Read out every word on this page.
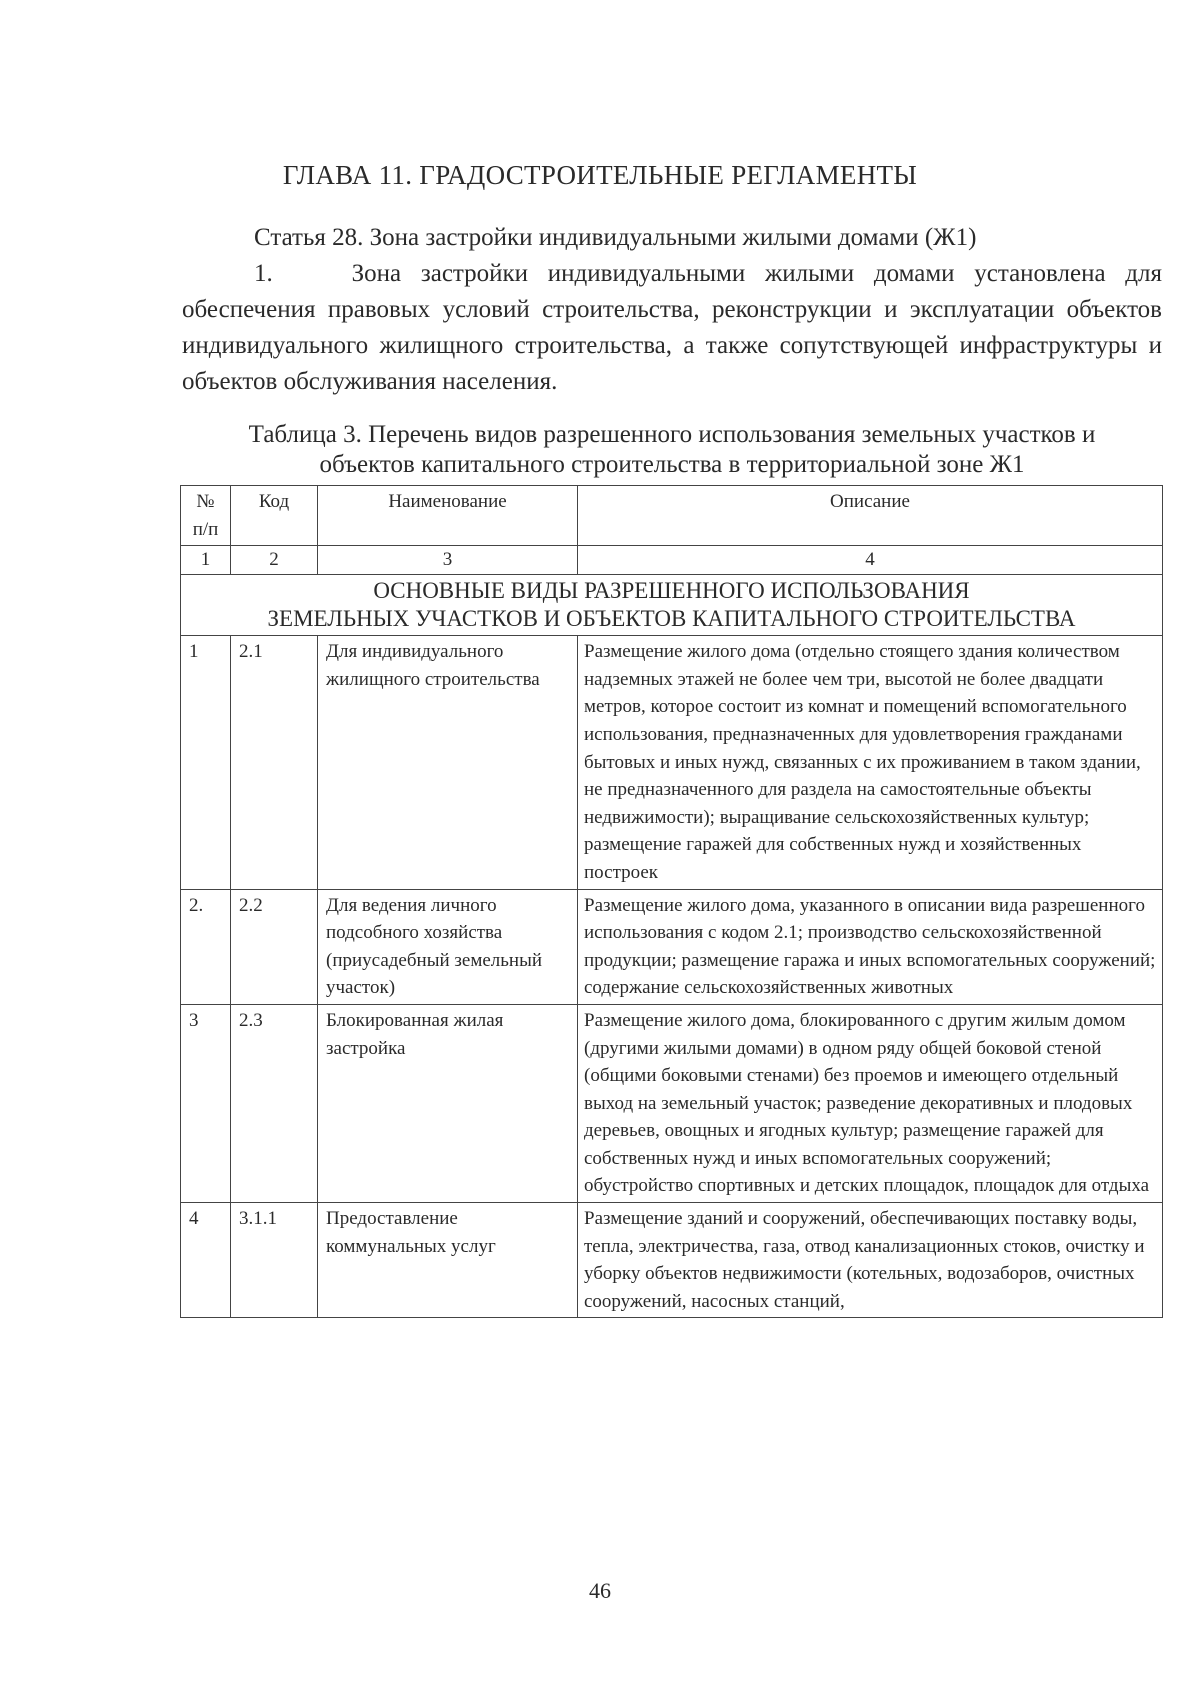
ГЛАВА 11. ГРАДОСТРОИТЕЛЬНЫЕ РЕГЛАМЕНТЫ
Статья 28. Зона застройки индивидуальными жилыми домами (Ж1)
1.    Зона застройки индивидуальными жилыми домами установлена для обеспечения правовых условий строительства, реконструкции и эксплуатации объектов индивидуального жилищного строительства, а также сопутствующей инфраструктуры и объектов обслуживания населения.
Таблица 3. Перечень видов разрешенного использования земельных участков и
объектов капитального строительства в территориальной зоне Ж1
№ п/п	Код	Наименование	Описание
1	2	3	4

ОСНОВНЫЕ ВИДЫ РАЗРЕШЕННОГО ИСПОЛЬЗОВАНИЯ
ЗЕМЕЛЬНЫХ УЧАСТКОВ И ОБЪЕКТОВ КАПИТАЛЬНОГО СТРОИТЕЛЬСТВА			

1	2.1	Для индивидуального жилищного строительства	Размещение жилого дома (отдельно стоящего здания количеством надземных этажей не более чем три, высотой не более двадцати метров, которое состоит из комнат и помещений вспомогательного использования, предназначенных для удовлетворения гражданами бытовых и иных нужд, связанных с их проживанием в таком здании, не предназначенного для раздела на самостоятельные объекты недвижимости); выращивание сельскохозяйственных культур; размещение гаражей для собственных нужд и хозяйственных построек
2.	2.2	Для ведения личного подсобного хозяйства (приусадебный земельный участок)	Размещение жилого дома, указанного в описании вида разрешенного использования с кодом 2.1; производство сельскохозяйственной продукции; размещение гаража и иных вспомогательных сооружений; содержание сельскохозяйственных животных
3	2.3	Блокированная жилая застройка	Размещение жилого дома, блокированного с другим жилым домом (другими жилыми домами) в одном ряду общей боковой стеной (общими боковыми стенами) без проемов и имеющего отдельный выход на земельный участок; разведение декоративных и плодовых деревьев, овощных и ягодных культур; размещение гаражей для собственных нужд и иных вспомогательных сооружений; обустройство спортивных и детских площадок, площадок для отдыха
4	3.1.1	Предоставление коммунальных услуг	Размещение зданий и сооружений, обеспечивающих поставку воды, тепла, электричества, газа, отвод канализационных стоков, очистку и уборку объектов недвижимости (котельных, водозаборов, очистных сооружений, насосных станций,
46
